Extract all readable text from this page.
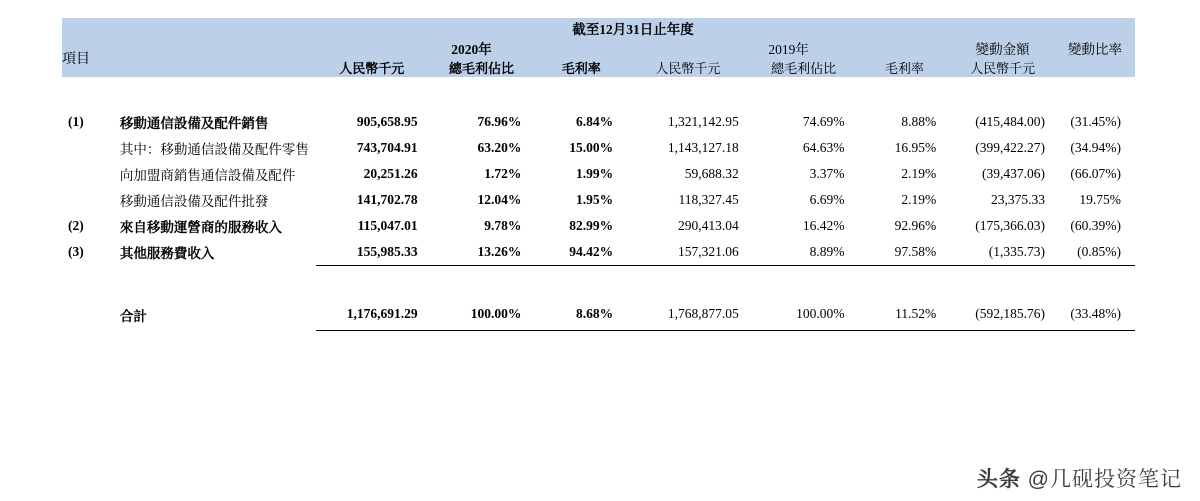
		截至12月31日止年度							
項目		2020年			2019年			變動金額	變動比率
		人民幣千元	總毛利佔比	毛利率	人民幣千元	總毛利佔比	毛利率	人民幣千元	

(1)	移動通信設備及配件銷售	905,658.95	76.96%	6.84%	1,321,142.95	74.69%	8.88%	(415,484.00)	(31.45%)
	其中：移動通信設備及配件零售	743,704.91	63.20%	15.00%	1,143,127.18	64.63%	16.95%	(399,422.27)	(34.94%)
	向加盟商銷售通信設備及配件	20,251.26	1.72%	1.99%	59,688.32	3.37%	2.19%	(39,437.06)	(66.07%)
	移動通信設備及配件批發	141,702.78	12.04%	1.95%	118,327.45	6.69%	2.19%	23,375.33	19.75%
(2)	來自移動運營商的服務收入	115,047.01	9.78%	82.99%	290,413.04	16.42%	92.96%	(175,366.03)	(60.39%)
(3)	其他服務費收入	155,985.33	13.26%	94.42%	157,321.06	8.89%	97.58%	(1,335.73)	(0.85%)

	合計	1,176,691.29	100.00%	8.68%	1,768,877.05	100.00%	11.52%	(592,185.76)	(33.48%)

头条 @几砚投资笔记
